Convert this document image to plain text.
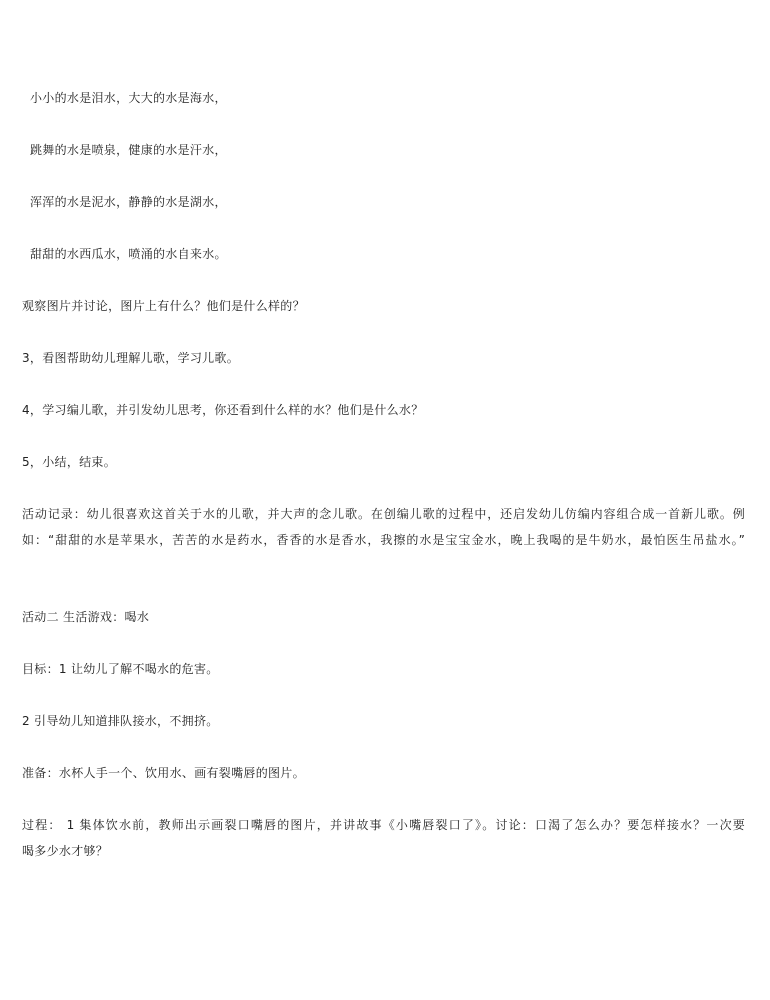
小小的水是泪水，大大的水是海水，
跳舞的水是喷泉，健康的水是汗水，
浑浑的水是泥水，静静的水是湖水，
甜甜的水西瓜水，喷涌的水自来水。
观察图片并讨论，图片上有什么？他们是什么样的？
3，看图帮助幼儿理解儿歌，学习儿歌。
4，学习编儿歌，并引发幼儿思考，你还看到什么样的水？他们是什么水？
5，小结，结束。
活动记录：幼儿很喜欢这首关于水的儿歌，并大声的念儿歌。在创编儿歌的过程中，还启发幼儿仿编内容组合成一首新儿歌。例
如：“甜甜的水是苹果水，苦苦的水是药水，香香的水是香水，我擦的水是宝宝金水，晚上我喝的是牛奶水，最怕医生吊盐水。”
活动二 生活游戏：喝水
目标：1 让幼儿了解不喝水的危害。
2 引导幼儿知道排队接水，不拥挤。
准备：水杯人手一个、饮用水、画有裂嘴唇的图片。
过程： 1 集体饮水前，教师出示画裂口嘴唇的图片，并讲故事《小嘴唇裂口了》。讨论：口渴了怎么办？要怎样接水？一次要
喝多少水才够？
